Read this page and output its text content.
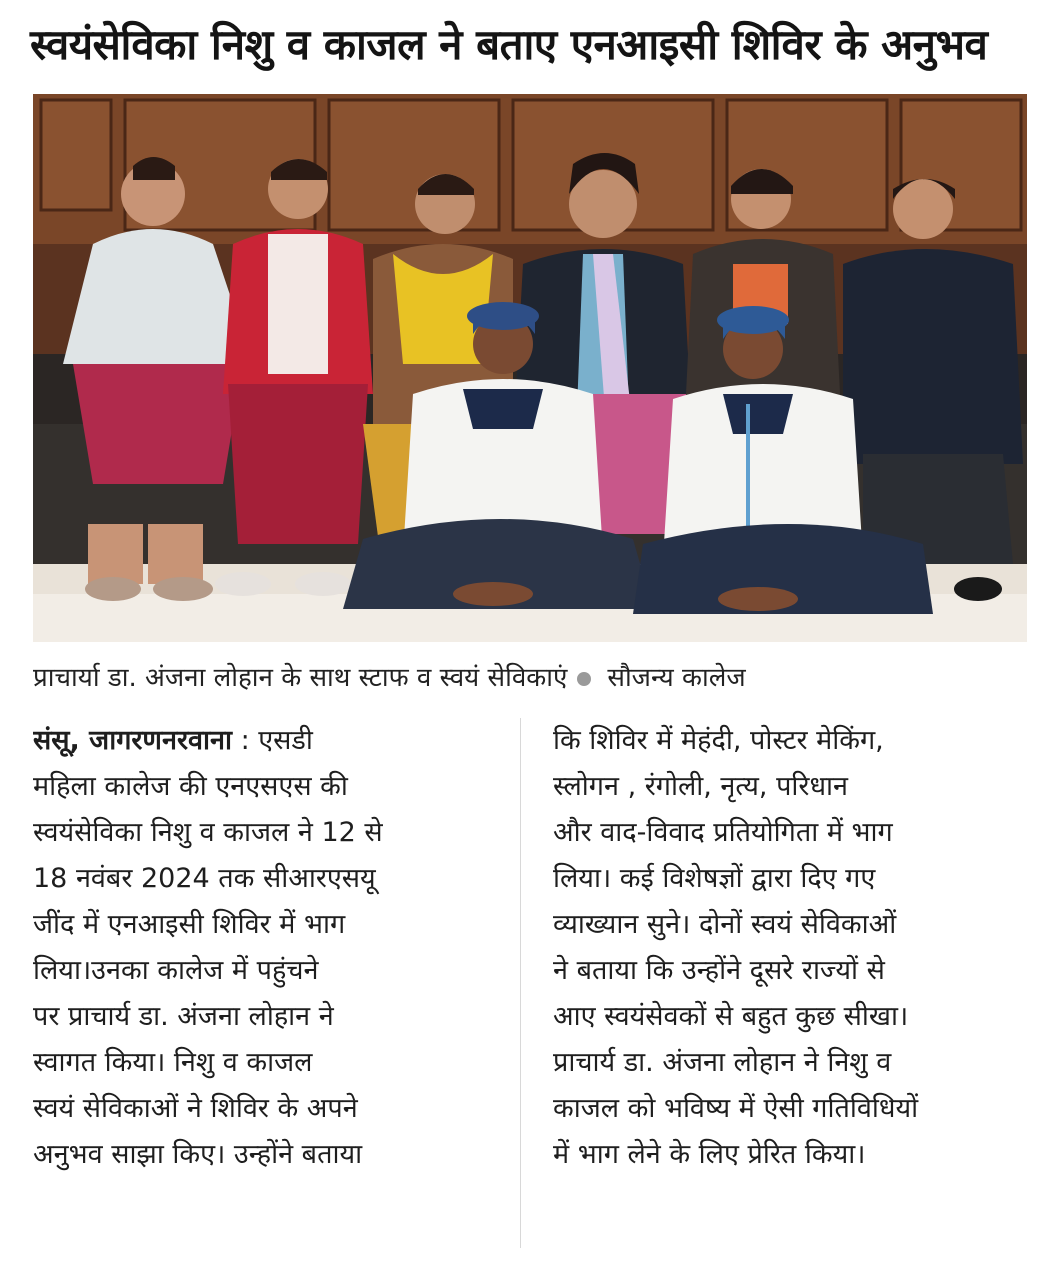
स्वयंसेविका निशु व काजल ने बताए एनआइसी शिविर के अनुभव
प्राचार्या डा. अंजना लोहान के साथ स्टाफ व स्वयं सेविकाएं सौजन्य कालेज
संसू, जागरणनरवाना : एसडी
महिला कालेज की एनएसएस की
स्वयंसेविका निशु व काजल ने 12 से
18 नवंबर 2024 तक सीआरएसयू
जींद में एनआइसी शिविर में भाग
लिया।उनका कालेज में पहुंचने
पर प्राचार्य डा. अंजना लोहान ने
स्वागत किया। निशु व काजल
स्वयं सेविकाओं ने शिविर के अपने
अनुभव साझा किए। उन्होंने बताया
कि शिविर में मेहंदी, पोस्टर मेकिंग,
स्लोगन , रंगोली, नृत्य, परिधान
और वाद-विवाद प्रतियोगिता में भाग
लिया। कई विशेषज्ञों द्वारा दिए गए
व्याख्यान सुने। दोनों स्वयं सेविकाओं
ने बताया कि उन्होंने दूसरे राज्यों से
आए स्वयंसेवकों से बहुत कुछ सीखा।
प्राचार्य डा. अंजना लोहान ने निशु व
काजल को भविष्य में ऐसी गतिविधियों
में भाग लेने के लिए प्रेरित किया।
